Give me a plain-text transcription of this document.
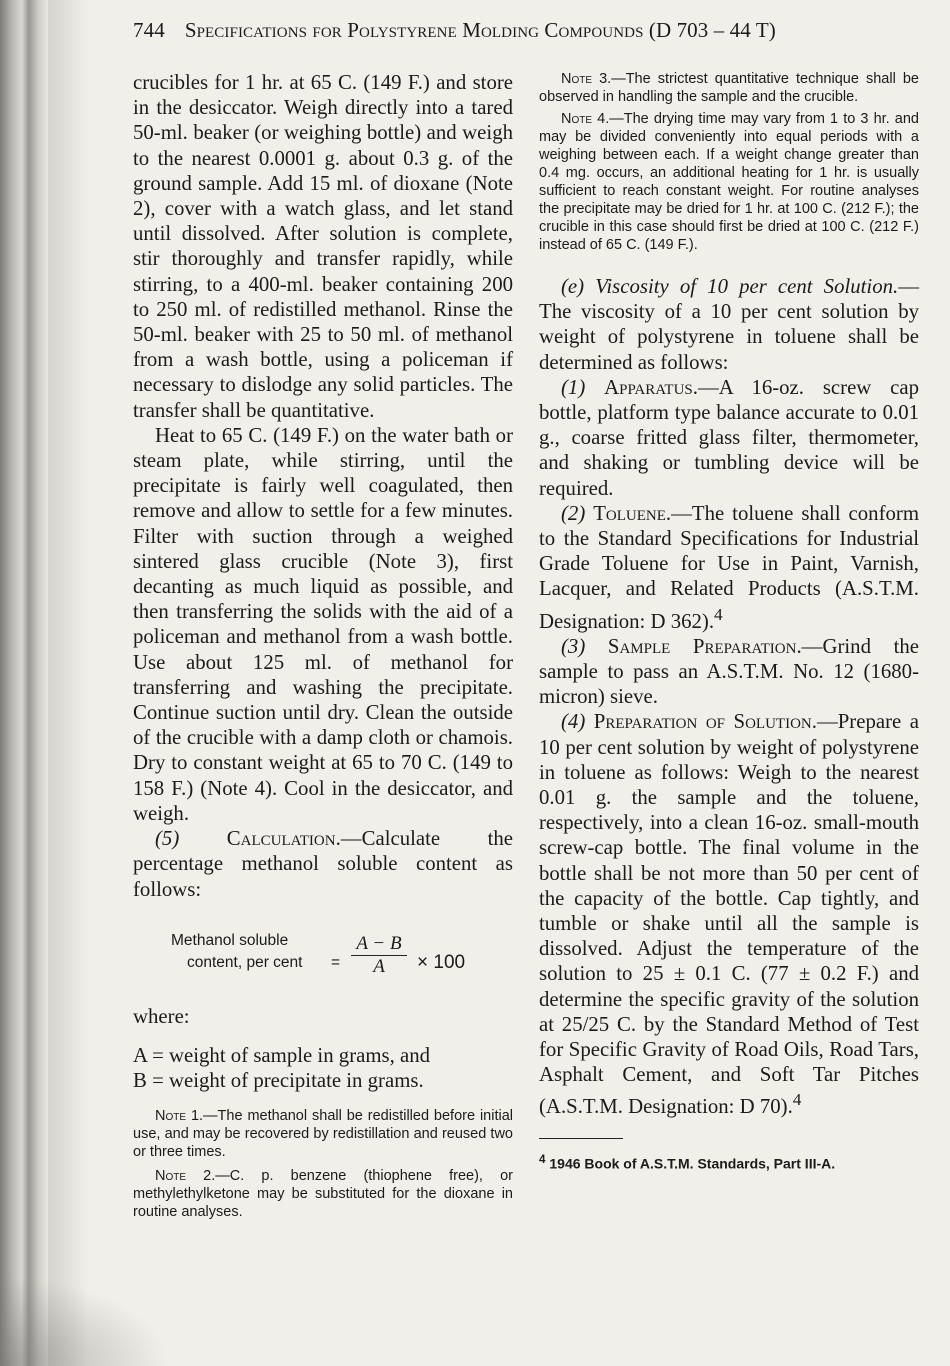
744 Specifications for Polystyrene Molding Compounds (D 703 – 44 T)

crucibles for 1 hr. at 65 C. (149 F.) and store in the desiccator. Weigh directly into a tared 50-ml. beaker (or weighing bottle) and weigh to the nearest 0.0001 g. about 0.3 g. of the ground sample. Add 15 ml. of dioxane (Note 2), cover with a watch glass, and let stand until dissolved. After solution is complete, stir thoroughly and transfer rapidly, while stirring, to a 400-ml. beaker containing 200 to 250 ml. of redistilled methanol. Rinse the 50-ml. beaker with 25 to 50 ml. of methanol from a wash bottle, using a policeman if necessary to dislodge any solid particles. The transfer shall be quantitative.

Heat to 65 C. (149 F.) on the water bath or steam plate, while stirring, until the precipitate is fairly well coagulated, then remove and allow to settle for a few minutes. Filter with suction through a weighed sintered glass crucible (Note 3), first decanting as much liquid as possible, and then transferring the solids with the aid of a policeman and methanol from a wash bottle. Use about 125 ml. of methanol for transferring and washing the precipitate. Continue suction until dry. Clean the outside of the crucible with a damp cloth or chamois. Dry to constant weight at 65 to 70 C. (149 to 158 F.) (Note 4). Cool in the desiccator, and weigh.

(5) Calculation.—Calculate the percentage methanol soluble content as follows:

Methanol soluble
content, per cent = $\frac{A - B}{A} \times 100$

where:

A = weight of sample in grams, and

B = weight of precipitate in grams.

Note 1.—The methanol shall be redistilled before initial use, and may be recovered by redistillation and reused two or three times.

Note 2.—C. p. benzene (thiophene free), or methylethylketone may be substituted for the dioxane in routine analyses.

Note 3.—The strictest quantitative technique shall be observed in handling the sample and the crucible.

Note 4.—The drying time may vary from 1 to 3 hr. and may be divided conveniently into equal periods with a weighing between each. If a weight change greater than 0.4 mg. occurs, an additional heating for 1 hr. is usually sufficient to reach constant weight. For routine analyses the precipitate may be dried for 1 hr. at 100 C. (212 F.); the crucible in this case should first be dried at 100 C. (212 F.) instead of 65 C. (149 F.).

(e) Viscosity of 10 per cent Solution.— The viscosity of a 10 per cent solution by weight of polystyrene in toluene shall be determined as follows:

(1) Apparatus.—A 16-oz. screw cap bottle, platform type balance accurate to 0.01 g., coarse fritted glass filter, thermometer, and shaking or tumbling device will be required.

(2) Toluene.—The toluene shall conform to the Standard Specifications for Industrial Grade Toluene for Use in Paint, Varnish, Lacquer, and Related Products (A.S.T.M. Designation: D 362).$^4$

(3) Sample Preparation.—Grind the sample to pass an A.S.T.M. No. 12 (1680-micron) sieve.

(4) Preparation of Solution.—Prepare a 10 per cent solution by weight of polystyrene in toluene as follows: Weigh to the nearest 0.01 g. the sample and the toluene, respectively, into a clean 16-oz. small-mouth screw-cap bottle. The final volume in the bottle shall be not more than 50 per cent of the capacity of the bottle. Cap tightly, and tumble or shake until all the sample is dissolved. Adjust the temperature of the solution to 25 ± 0.1 C. (77 ± 0.2 F.) and determine the specific gravity of the solution at 25/25 C. by the Standard Method of Test for Specific Gravity of Road Oils, Road Tars, Asphalt Cement, and Soft Tar Pitches (A.S.T.M. Designation: D 70).$^4$

$^4$ 1946 Book of A.S.T.M. Standards, Part III-A.
